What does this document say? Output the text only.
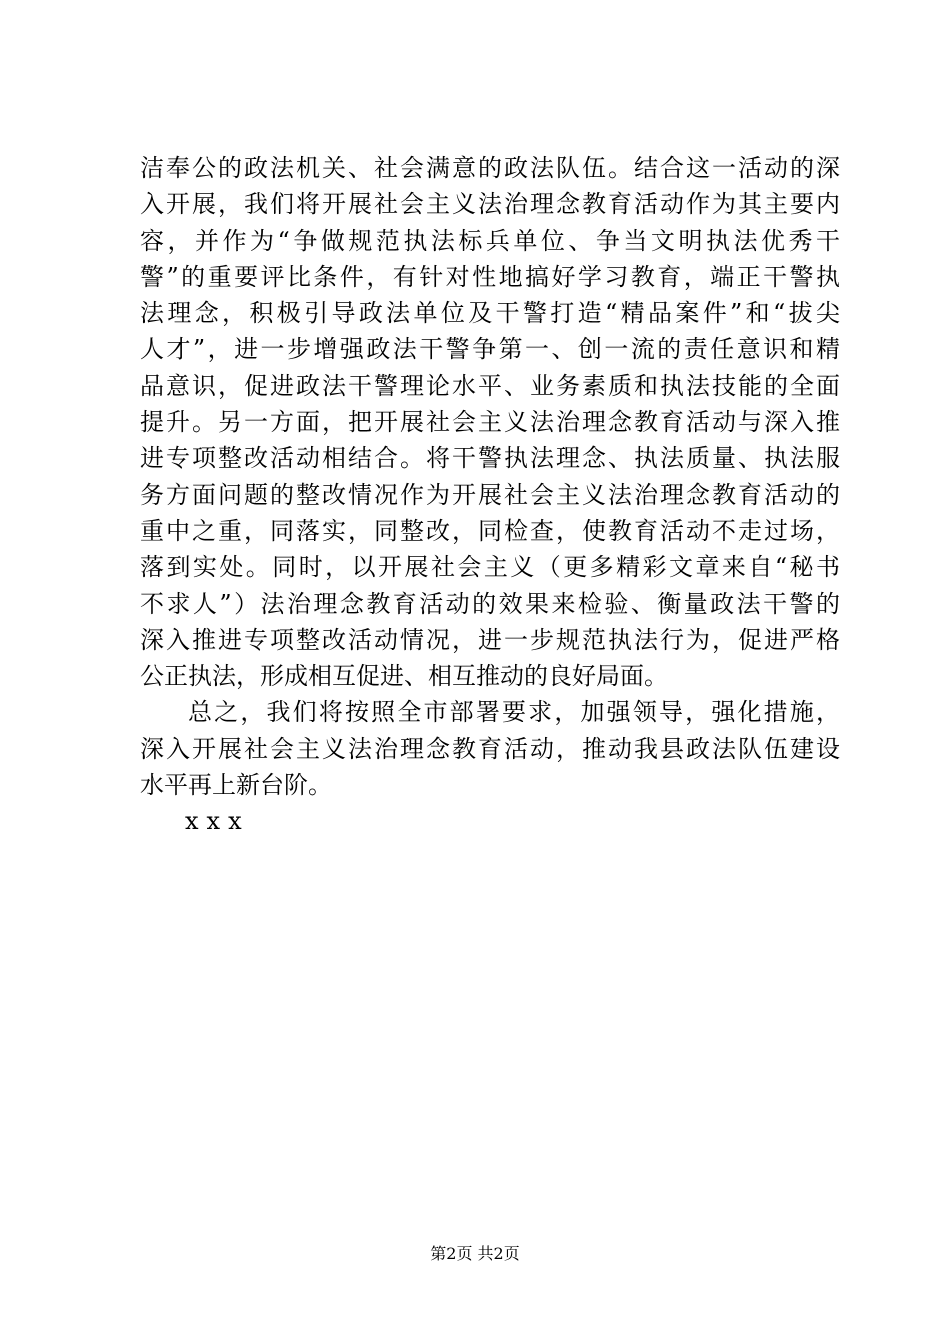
洁奉公的政法机关、社会满意的政法队伍。结合这一活动的深
入开展，我们将开展社会主义法治理念教育活动作为其主要内
容，并作为“争做规范执法标兵单位、争当文明执法优秀干
警”的重要评比条件，有针对性地搞好学习教育，端正干警执
法理念，积极引导政法单位及干警打造“精品案件”和“拔尖
人才”，进一步增强政法干警争第一、创一流的责任意识和精
品意识，促进政法干警理论水平、业务素质和执法技能的全面
提升。另一方面，把开展社会主义法治理念教育活动与深入推
进专项整改活动相结合。将干警执法理念、执法质量、执法服
务方面问题的整改情况作为开展社会主义法治理念教育活动的
重中之重，同落实，同整改，同检查，使教育活动不走过场，
落到实处。同时，以开展社会主义（更多精彩文章来自“秘书
不求人”）法治理念教育活动的效果来检验、衡量政法干警的
深入推进专项整改活动情况，进一步规范执法行为，促进严格
公正执法，形成相互促进、相互推动的良好局面。
总之，我们将按照全市部署要求，加强领导，强化措施，
深入开展社会主义法治理念教育活动，推动我县政法队伍建设
水平再上新台阶。
xxx
第2页 共2页
